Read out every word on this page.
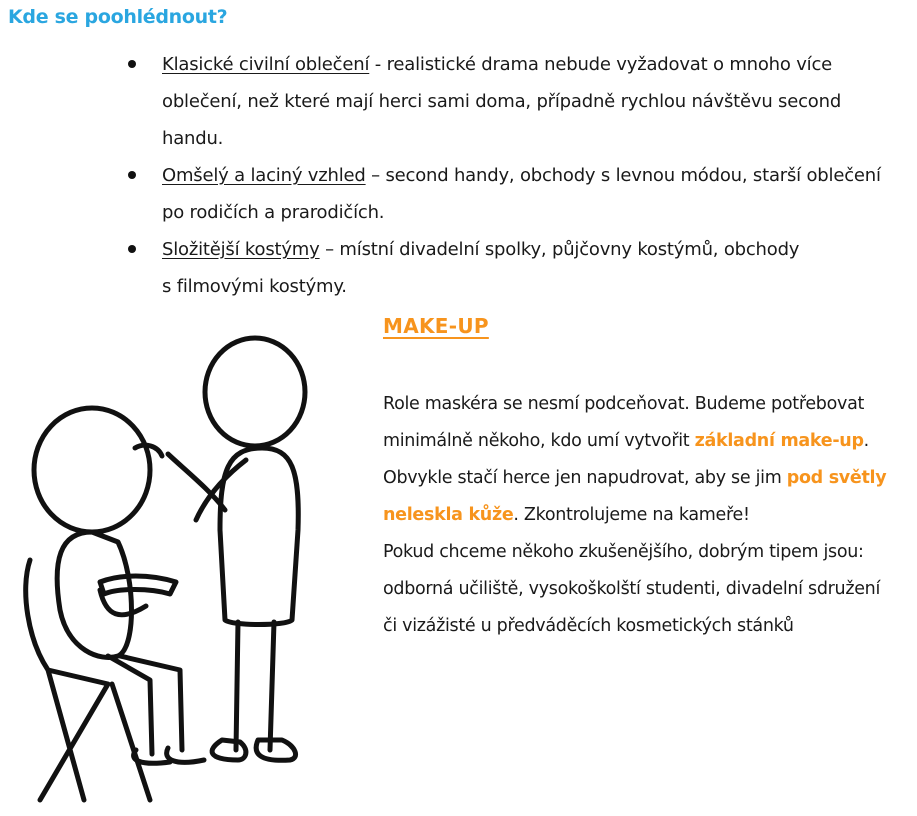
Kde se poohlédnout?
Klasické civilní oblečení - realistické drama nebude vyžadovat o mnoho více
oblečení, než které mají herci sami doma, případně rychlou návštěvu second handu.
Omšelý a laciný vzhled – second handy, obchody s levnou módou, starší oblečení
po rodičích a prarodičích.
Složitější kostýmy – místní divadelní spolky, půjčovny kostýmů, obchody
s filmovými kostýmy.
MAKE-UP
Role maskéra se nesmí podceňovat. Budeme potřebovat
minimálně někoho, kdo umí vytvořit základní make-up.
Obvykle stačí herce jen napudrovat, aby se jim pod světly
neleskla kůže. Zkontrolujeme na kameře!
Pokud chceme někoho zkušenějšího, dobrým tipem jsou:
odborná učiliště, vysokoškolští studenti, divadelní sdružení
či vizážisté u předváděcích kosmetických stánků
